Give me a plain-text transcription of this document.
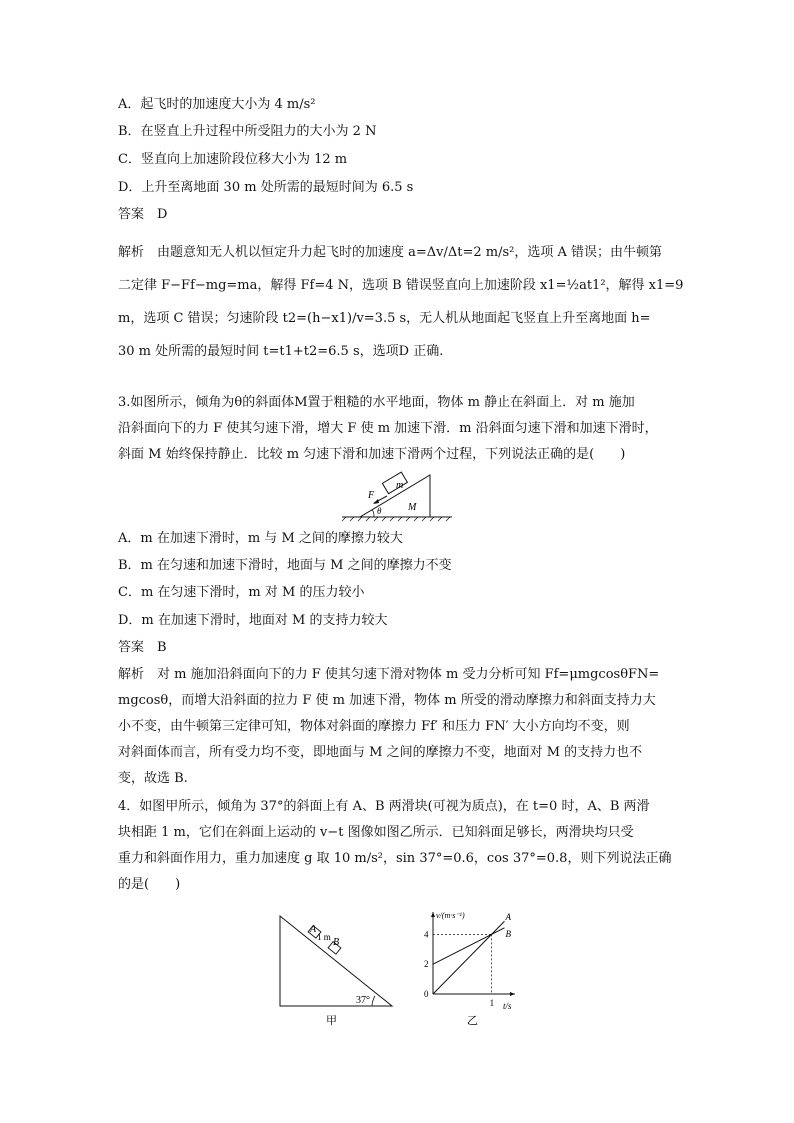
A．起飞时的加速度大小为 4 m/s²
B．在竖直上升过程中所受阻力的大小为 2 N
C．竖直向上加速阶段位移大小为 12 m
D．上升至离地面 30 m 处所需的最短时间为 6.5 s
答案　D
解析　由题意知无人机以恒定升力起飞时的加速度 a=Δv/Δt=2 m/s²，选项 A 错误；由牛顿第
二定律 F−Ff−mg=ma，解得 Ff=4 N，选项 B 错误竖直向上加速阶段 x1=½at1²，解得 x1=9
m，选项 C 错误；匀速阶段 t2=(h−x1)/v=3.5 s，无人机从地面起飞竖直上升至离地面 h=
30 m 处所需的最短时间 t=t1+t2=6.5 s，选项D 正确.
3.如图所示，倾角为θ的斜面体M置于粗糙的水平地面，物体 m 静止在斜面上．对 m 施加
沿斜面向下的力 F 使其匀速下滑，增大 F 使 m 加速下滑．m 沿斜面匀速下滑和加速下滑时，
斜面 M 始终保持静止．比较 m 匀速下滑和加速下滑两个过程，下列说法正确的是(　　)
F
m
M
θ
A．m 在加速下滑时，m 与 M 之间的摩擦力较大
B．m 在匀速和加速下滑时，地面与 M 之间的摩擦力不变
C．m 在匀速下滑时，m 对 M 的压力较小
D．m 在加速下滑时，地面对 M 的支持力较大
答案　B
解析　对 m 施加沿斜面向下的力 F 使其匀速下滑对物体 m 受力分析可知 Ff=μmgcosθFN=
mgcosθ，而增大沿斜面的拉力 F 使 m 加速下滑，物体 m 所受的滑动摩擦力和斜面支持力大
小不变，由牛顿第三定律可知，物体对斜面的摩擦力 Ff′ 和压力 FN′ 大小方向均不变，则
对斜面体而言，所有受力均不变，即地面与 M 之间的摩擦力不变，地面对 M 的支持力也不
变，故选 B.
4．如图甲所示，倾角为 37°的斜面上有 A、B 两滑块(可视为质点)，在 t=0 时，A、B 两滑
块相距 1 m，它们在斜面上运动的 v−t 图像如图乙所示．已知斜面足够长，两滑块均只受
重力和斜面作用力，重力加速度 g 取 10 m/s²，sin 37°=0.6，cos 37°=0.8，则下列说法正确
的是(　　)
A
1 m B
37°
甲
v/(m·s⁻¹)
t/s
0
2
4
1
A
B
乙
